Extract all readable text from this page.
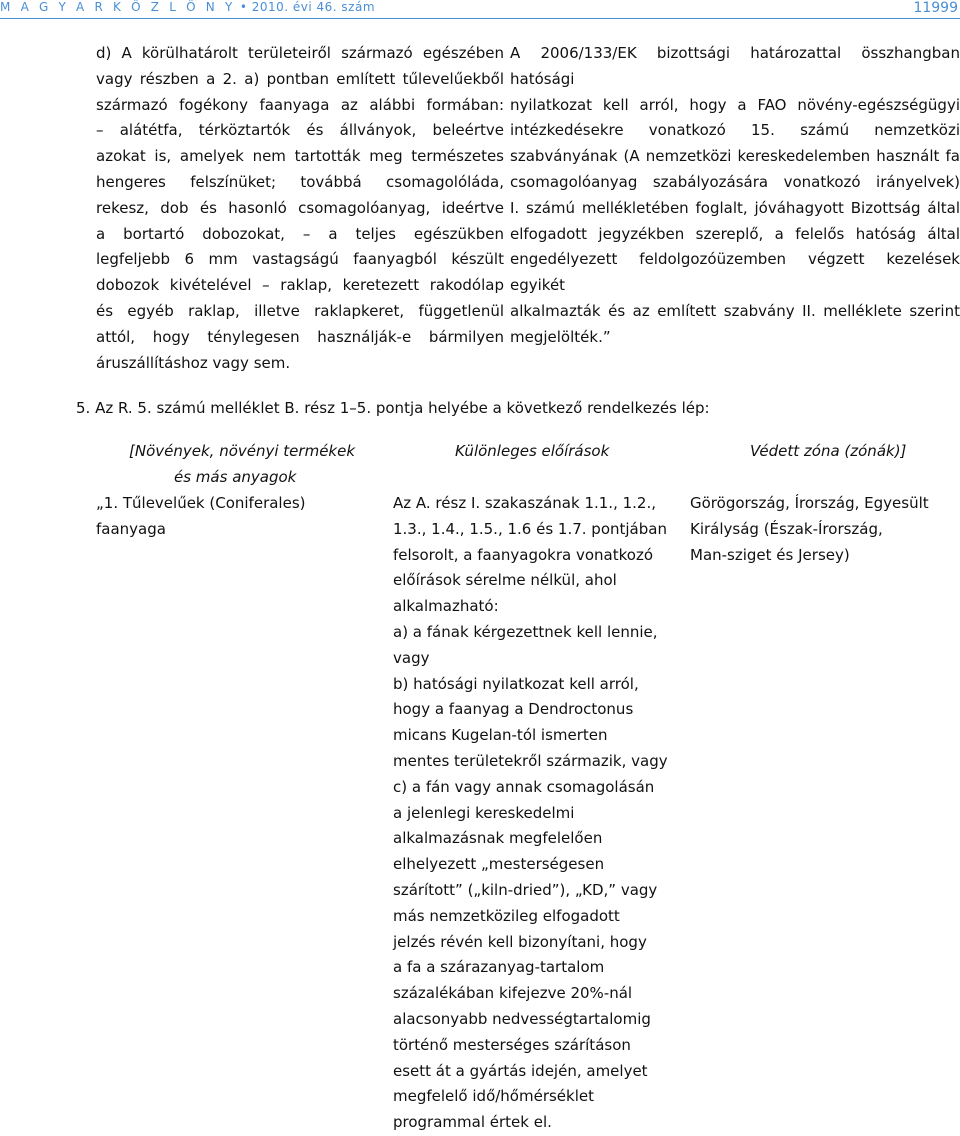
M A G Y A R K Ö Z L Ö N Y • 2010. évi 46. szám	11999
d) A körülhatárolt területeiről származó egészében
vagy részben a 2. a) pontban említett tűlevelűekből
származó fogékony faanyaga az alábbi formában:
– alátétfa, térköztartók és állványok, beleértve
azokat is, amelyek nem tartották meg természetes
hengeres felszínüket; továbbá csomagolóláda,
rekesz, dob és hasonló csomagolóanyag, ideértve
a bortartó dobozokat, – a teljes egészükben
legfeljebb 6 mm vastagságú faanyagból készült
dobozok kivételével – raklap, keretezett rakodólap
és egyéb raklap, illetve raklapkeret, függetlenül
attól, hogy ténylegesen használják-e bármilyen
áruszállításhoz vagy sem.
A 2006/133/EK bizottsági határozattal összhangban hatósági
nyilatkozat kell arról, hogy a FAO növény-egészségügyi
intézkedésekre vonatkozó 15. számú nemzetközi
szabványának (A nemzetközi kereskedelemben használt fa
csomagolóanyag szabályozására vonatkozó irányelvek)
I. számú mellékletében foglalt, jóváhagyott Bizottság által
elfogadott jegyzékben szereplő, a felelős hatóság által
engedélyezett feldolgozóüzemben végzett kezelések egyikét
alkalmazták és az említett szabvány II. melléklete szerint
megjelölték.”
5. Az R. 5. számú melléklet B. rész 1–5. pontja helyébe a következő rendelkezés lép:
[Növények, növényi termékek
és más anyagok
Különleges előírások	Védett zóna (zónák)]
„1. Tűlevelűek (Coniferales)
faanyaga
Az A. rész I. szakaszának 1.1., 1.2.,
1.3., 1.4., 1.5., 1.6 és 1.7. pontjában
felsorolt, a faanyagokra vonatkozó
előírások sérelme nélkül, ahol
alkalmazható:
a) a fának kérgezettnek kell lennie,
vagy
b) hatósági nyilatkozat kell arról,
hogy a faanyag a Dendroctonus
micans Kugelan-tól ismerten
mentes területekről származik, vagy
c) a fán vagy annak csomagolásán
a jelenlegi kereskedelmi
alkalmazásnak megfelelően
elhelyezett „mesterségesen
szárított” („kiln-dried”), „KD,” vagy
más nemzetközileg elfogadott
jelzés révén kell bizonyítani, hogy
a fa a szárazanyag-tartalom
százalékában kifejezve 20%-nál
alacsonyabb nedvességtartalomig
történő mesterséges szárításon
esett át a gyártás idején, amelyet
megfelelő idő/hőmérséklet
programmal értek el.
Görögország, Írország, Egyesült
Királyság (Észak-Írország,
Man-sziget és Jersey)
